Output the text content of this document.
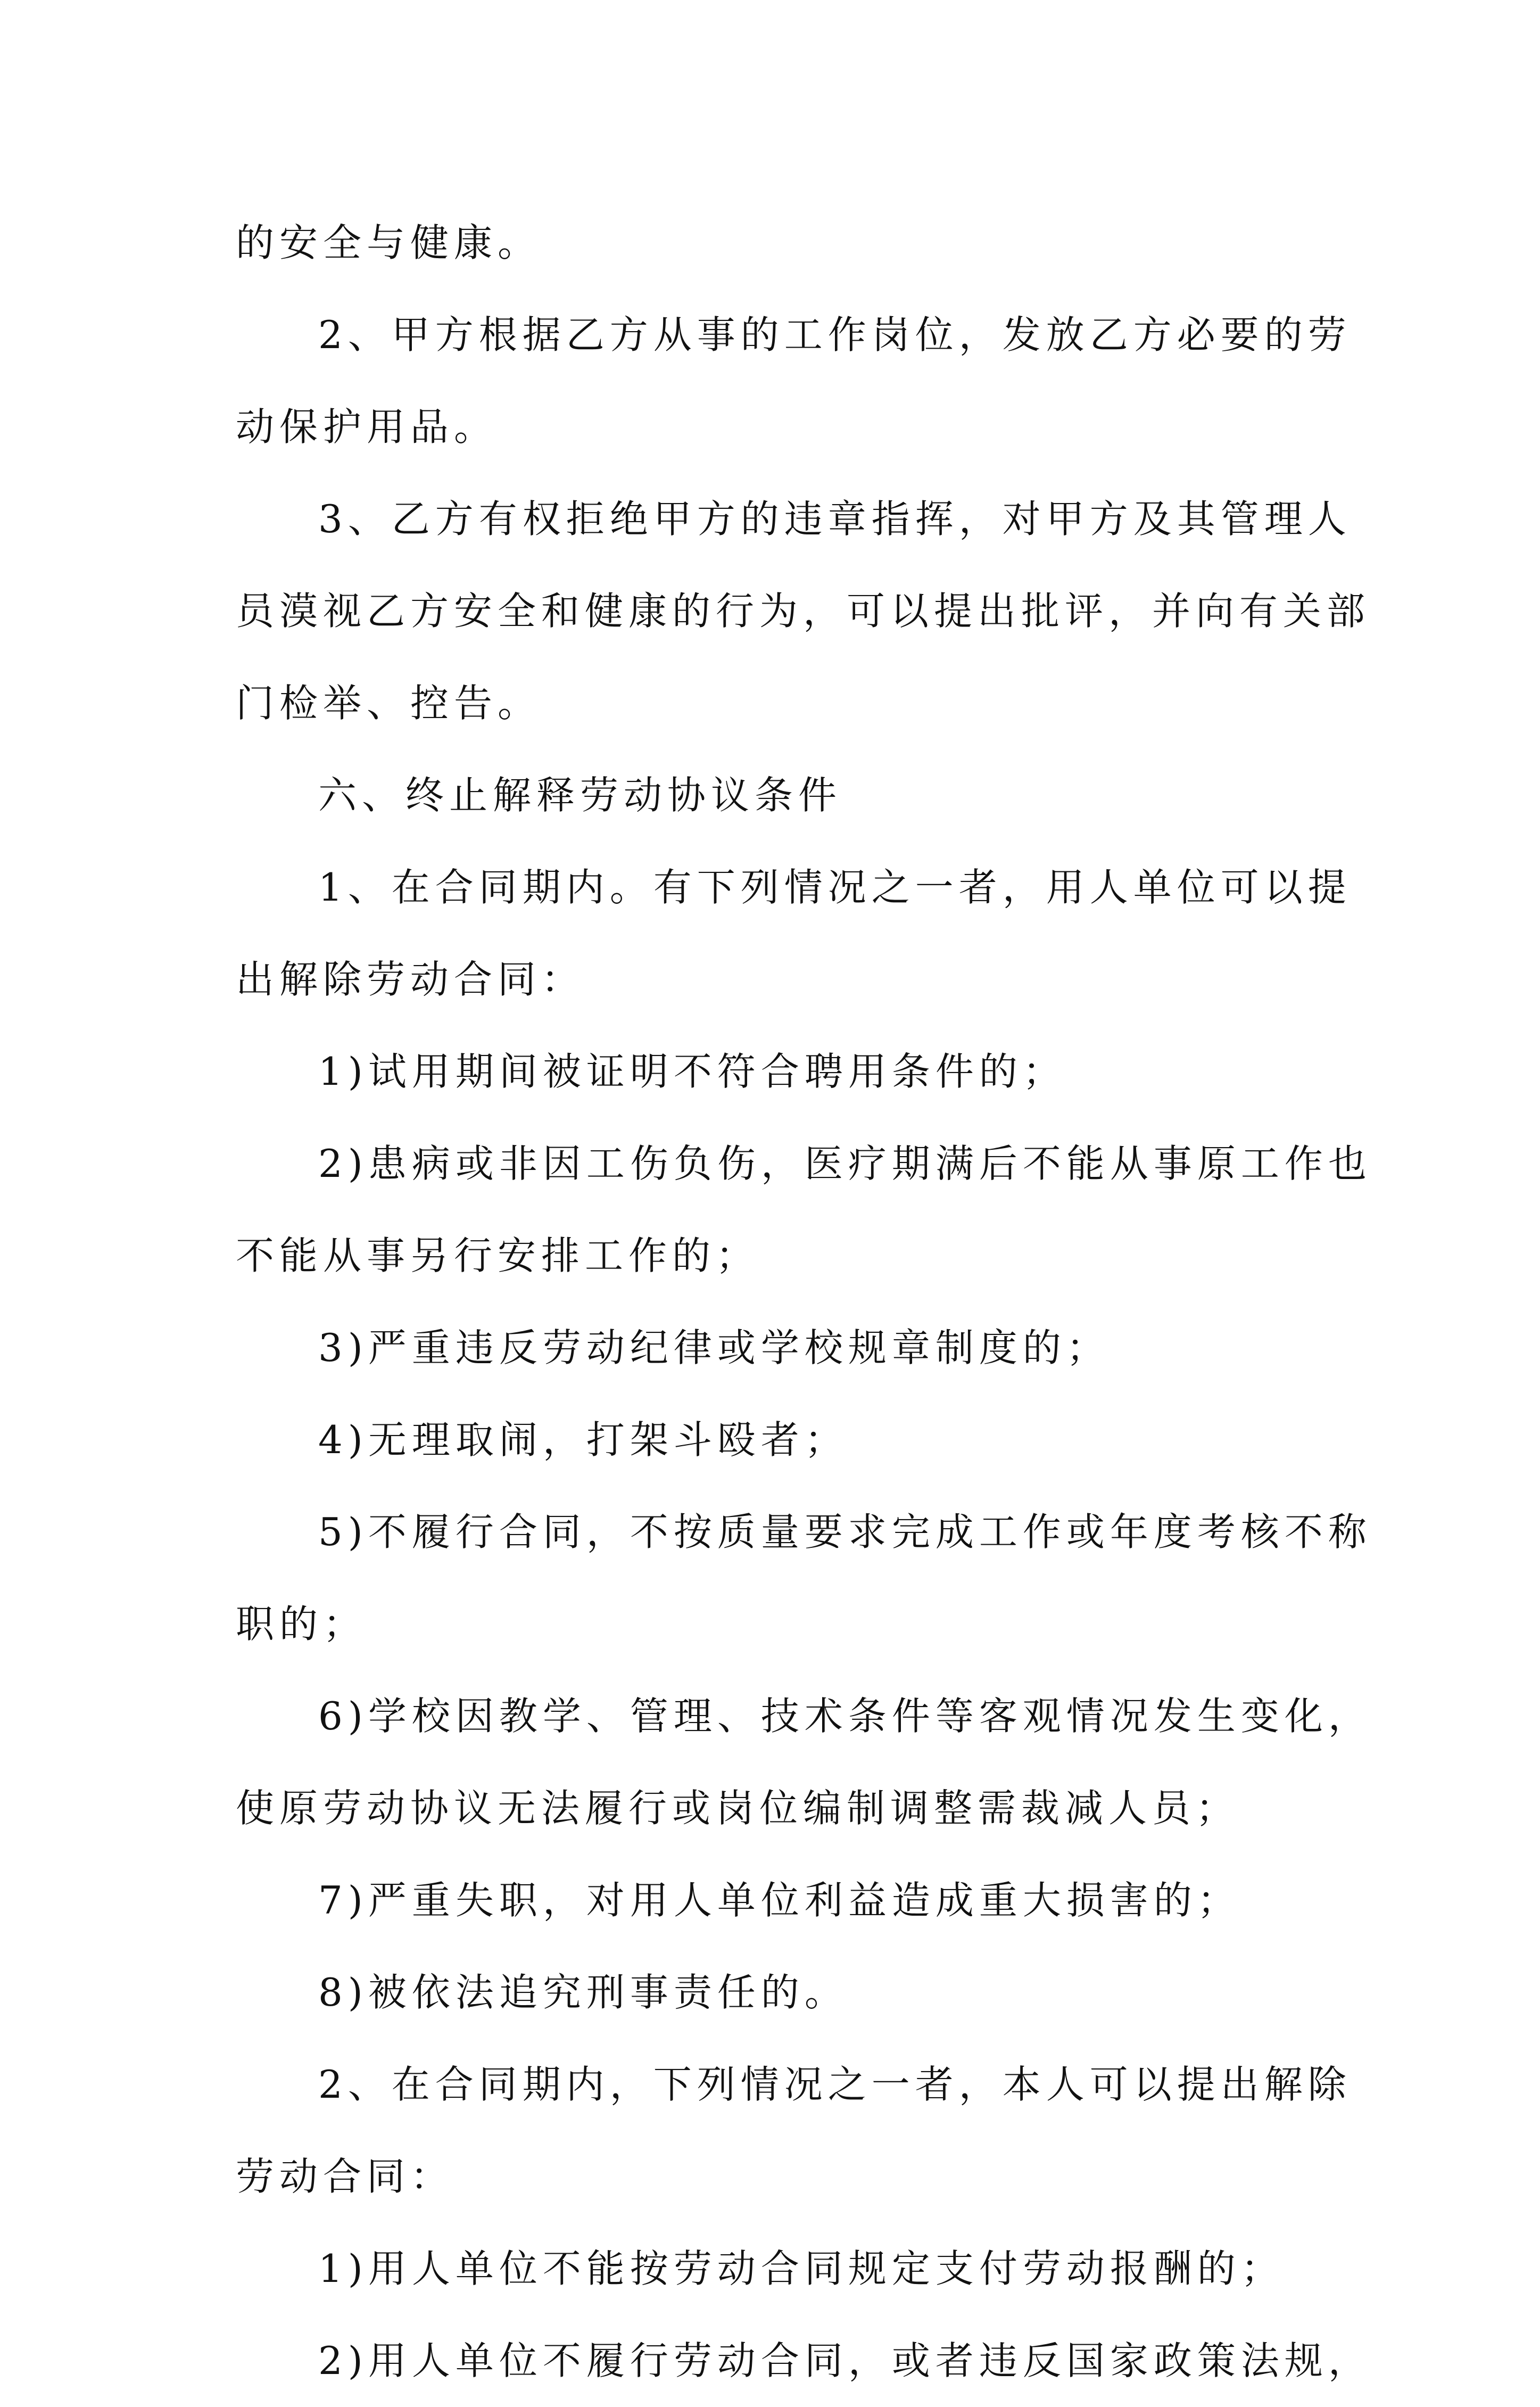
的安全与健康。
2、甲方根据乙方从事的工作岗位，发放乙方必要的劳
动保护用品。
3、乙方有权拒绝甲方的违章指挥，对甲方及其管理人
员漠视乙方安全和健康的行为，可以提出批评，并向有关部
门检举、控告。
六、终止解释劳动协议条件
1、在合同期内。有下列情况之一者，用人单位可以提
出解除劳动合同：
1)试用期间被证明不符合聘用条件的；
2)患病或非因工伤负伤，医疗期满后不能从事原工作也
不能从事另行安排工作的；
3)严重违反劳动纪律或学校规章制度的；
4)无理取闹，打架斗殴者；
5)不履行合同，不按质量要求完成工作或年度考核不称
职的；
6)学校因教学、管理、技术条件等客观情况发生变化，
使原劳动协议无法履行或岗位编制调整需裁减人员；
7)严重失职，对用人单位利益造成重大损害的；
8)被依法追究刑事责任的。
2、在合同期内，下列情况之一者，本人可以提出解除
劳动合同：
1)用人单位不能按劳动合同规定支付劳动报酬的；
2)用人单位不履行劳动合同，或者违反国家政策法规，
